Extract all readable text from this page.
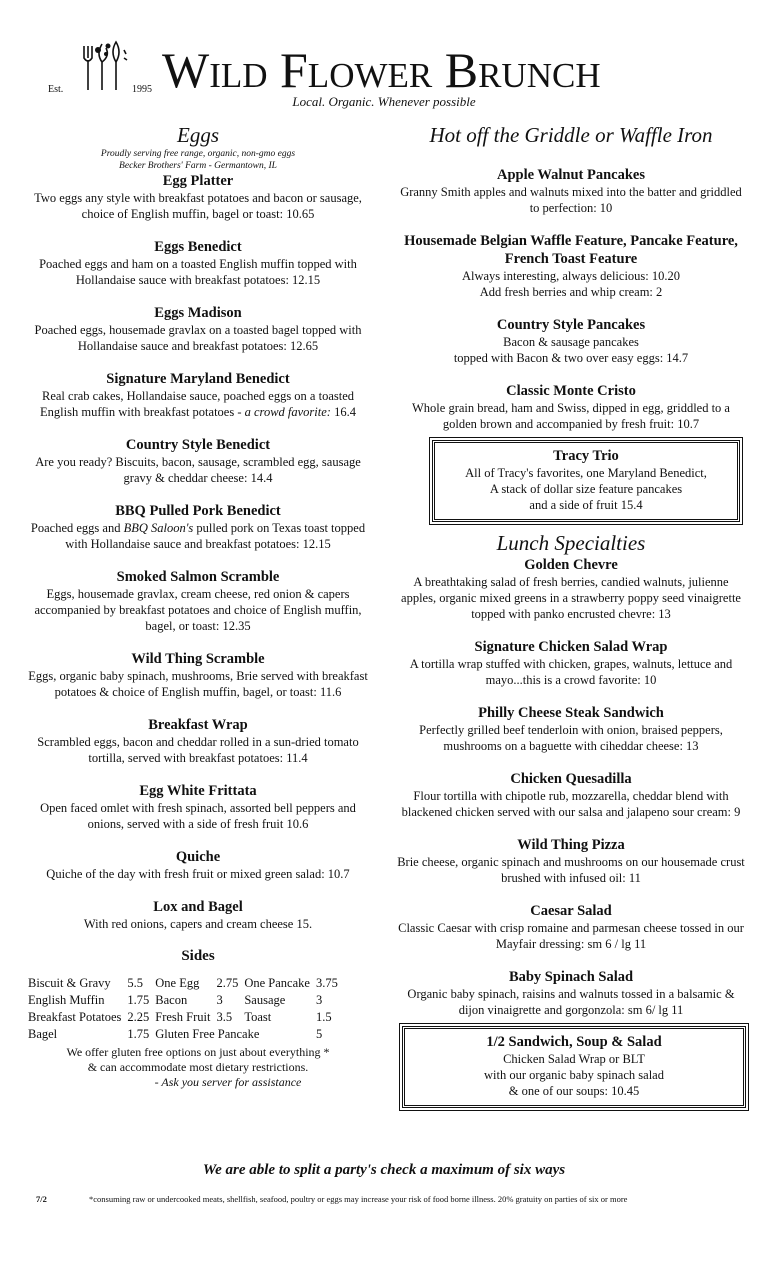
Est.	1995 Wild Flower Brunch
Local. Organic. Whenever possible
Eggs
Proudly serving free range, organic, non-gmo eggs
Becker Brothers' Farm - Germantown, IL
Egg Platter
Two eggs any style with breakfast potatoes and bacon or sausage, choice of English muffin, bagel or toast: 10.65
Eggs Benedict
Poached eggs and ham on a toasted English muffin topped with Hollandaise sauce with breakfast potatoes: 12.15
Eggs Madison
Poached eggs, housemade gravlax on a toasted bagel topped with Hollandaise sauce and breakfast potatoes: 12.65
Signature Maryland Benedict
Real crab cakes, Hollandaise sauce, poached eggs on a toasted English muffin with breakfast potatoes - a crowd favorite: 16.4
Country Style Benedict
Are you ready? Biscuits, bacon, sausage, scrambled egg, sausage gravy & cheddar cheese: 14.4
BBQ Pulled Pork Benedict
Poached eggs and BBQ Saloon's pulled pork on Texas toast topped with Hollandaise sauce and breakfast potatoes: 12.15
Smoked Salmon Scramble
Eggs, housemade gravlax, cream cheese, red onion & capers accompanied by breakfast potatoes and choice of English muffin, bagel, or toast: 12.35
Wild Thing Scramble
Eggs, organic baby spinach, mushrooms, Brie served with breakfast potatoes & choice of English muffin, bagel, or toast: 11.6
Breakfast Wrap
Scrambled eggs, bacon and cheddar rolled in a sun-dried tomato tortilla, served with breakfast potatoes: 11.4
Egg White Frittata
Open faced omlet with fresh spinach, assorted bell peppers and onions, served with a side of fresh fruit 10.6
Quiche
Quiche of the day with fresh fruit or mixed green salad: 10.7
Lox and Bagel
With red onions, capers and cream cheese 15.
Sides
Biscuit & Gravy	5.5	One Egg	2.75	One Pancake	3.75
English Muffin	1.75	Bacon	3	Sausage	3
Breakfast Potatoes	2.25	Fresh Fruit	3.5	Toast	1.5
Bagel	1.75	Gluten Free Pancake			5
We offer gluten free options on just about everything *
& can accommodate most dietary restrictions.
- Ask you server for assistance
Hot off the Griddle or Waffle Iron
Apple Walnut Pancakes
Granny Smith apples and walnuts mixed into the batter and griddled to perfection: 10
Housemade Belgian Waffle Feature, Pancake Feature, French Toast Feature
Always interesting, always delicious: 10.20
Add fresh berries and whip cream: 2
Country Style Pancakes
Bacon & sausage pancakes
topped with Bacon & two over easy eggs: 14.7
Classic Monte Cristo
Whole grain bread, ham and Swiss, dipped in egg, griddled to a golden brown and accompanied by fresh fruit: 10.7
Tracy Trio
All of Tracy's favorites, one Maryland Benedict,
A stack of dollar size feature pancakes
and a side of fruit 15.4
Lunch Specialties
Golden Chevre
A breathtaking salad of fresh berries, candied walnuts, julienne apples, organic mixed greens in a strawberry poppy seed vinaigrette topped with panko encrusted chevre: 13
Signature Chicken Salad Wrap
A tortilla wrap stuffed with chicken, grapes, walnuts, lettuce and mayo...this is a crowd favorite: 10
Philly Cheese Steak Sandwich
Perfectly grilled beef tenderloin with onion, braised peppers, mushrooms on a baguette with ciheddar cheese: 13
Chicken Quesadilla
Flour tortilla with chipotle rub, mozzarella, cheddar blend with blackened chicken served with our salsa and jalapeno sour cream: 9
Wild Thing Pizza
Brie cheese, organic spinach and mushrooms on our housemade crust brushed with infused oil: 11
Caesar Salad
Classic Caesar with crisp romaine and parmesan cheese tossed in our Mayfair dressing: sm 6 / lg 11
Baby Spinach Salad
Organic baby spinach, raisins and walnuts tossed in a balsamic & dijon vinaigrette and gorgonzola: sm 6/ lg 11
1/2 Sandwich, Soup & Salad
Chicken Salad Wrap or BLT
with our organic baby spinach salad
& one of our soups: 10.45
We are able to split a party's check a maximum of six ways
7/2	*consuming raw or undercooked meats, shellfish, seafood, poultry or eggs may increase your risk of food borne illness. 20% gratuity on parties of six or more
